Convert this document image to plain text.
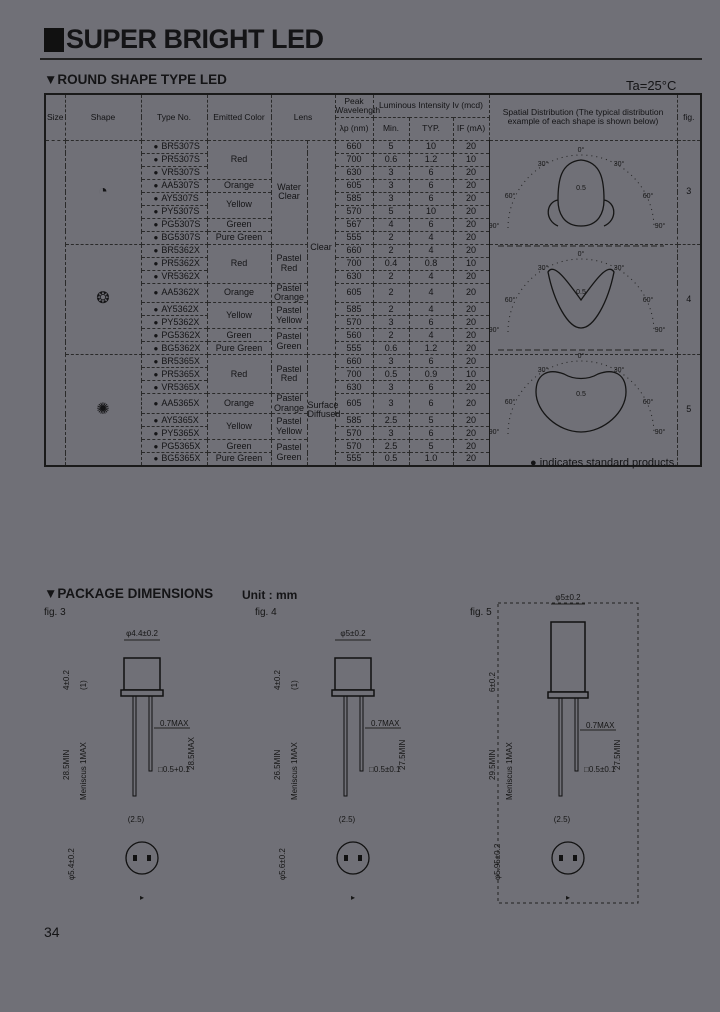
SUPER BRIGHT LED
▼ROUND SHAPE TYPE LED	Ta=25°C
Size	Shape	Type No.	Emitted Color	Lens		Peak Wavelength	Luminous Intensity Iv (mcd)			Spatial Distribution (The typical distribution example of each shape is shown below)	fig.
						λp (nm)	Min.	TYP.	IF (mA)		
	◔	● BR5307S	Red	Water Clear	Clear	660	5	10	20		3
		● PR5307S				700	0.6	1.2	10		
		● VR5307S				630	3	6	20		
		● AA5307S	Orange			605	3	6	20		
		● AY5307S	Yellow			585	3	6	20		
		● PY5307S				570	5	10	20		
		● PG5307S	Green			567	4	6	20		
		● BG5307S	Pure Green			555	2	4	20		
	❂	● BR5362X	Red	Pastel Red		660	2	4	20		4
		● PR5362X				700	0.4	0.8	10		
		● VR5362X				630	2	4	20		
		● AA5362X	Orange	Pastel Orange		605	2	4	20		
		● AY5362X	Yellow	Pastel Yellow		585	2	4	20		
		● PY5362X				570	3	6	20		
		● PG5362X	Green	Pastel Green		560	2	4	20		
		● BG5362X	Pure Green			555	0.6	1.2	20		
	✺	● BR5365X	Red	Pastel Red	Surface Diffused	660	3	6	20		5
		● PR5365X				700	0.5	0.9	10		
		● VR5365X				630	3	6	20		
		● AA5365X	Orange	Pastel Orange		605	3	6	20		
		● AY5365X	Yellow	Pastel Yellow		585	2.5	5	20		
		● PY5365X				570	3	6	20		
		● PG5365X	Green	Pastel Green		570	2.5	5	20		
		● BG5365X	Pure Green			555	0.5	1.0	20		
0°
30°	30°
60°	60°
90°	90°
0.5
0°
30°	30°
60°	60°
90°	90°
0.5
0°
30°	30°
60°	60°
90°	90°
0.5
● indicates standard products.
▼PACKAGE DIMENSIONS Unit : mm
fig. 3
φ4.4±0.2
0.7MAX
□0.5+0.1
(2.5)
4±0.2 (1)
28.5MIN Meniscus 1MAX	28.5MAX
φ5.4±0.2
▸
fig. 4
φ5±0.2
0.7MAX
□0.5±0.1
(2.5)
4±0.2 (1)
26.5MIN Meniscus 1MAX	27.5MIN
φ5.6±0.2
▸
fig. 5
φ5±0.2
0.7MAX
□0.5±0.1
(2.5)
6±0.2
29.5MIN Meniscus 1MAX	27.5MIN
φ5.95±0.2
▸
34
